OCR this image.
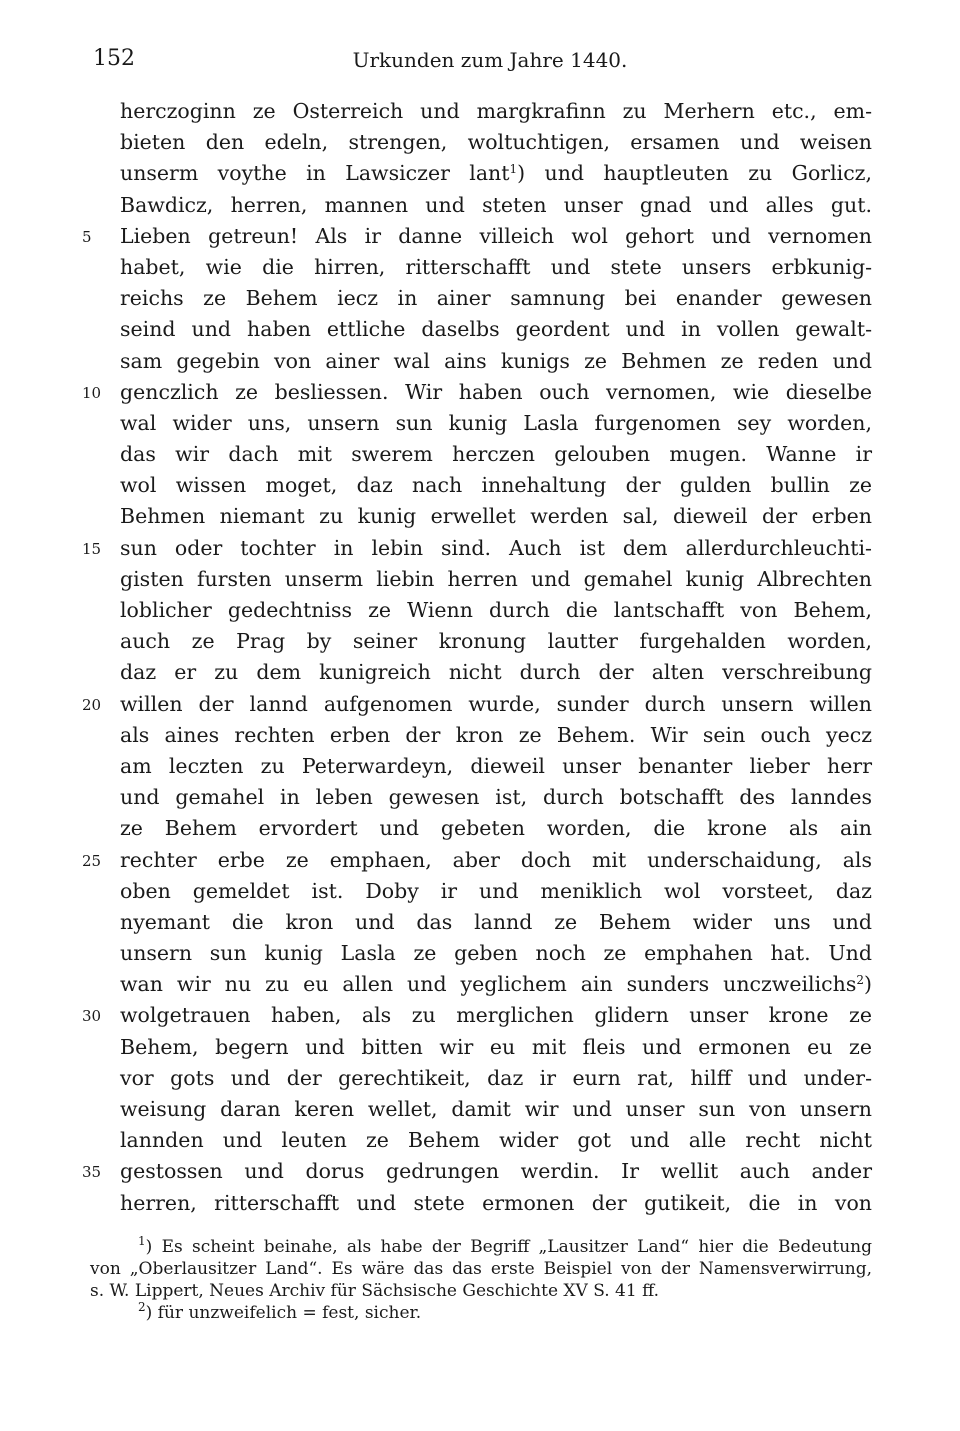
152	Urkunden zum Jahre 1440.
herczoginn ze Osterreich und margkrafinn zu Merhern etc., em-
bieten den edeln, strengen, woltuchtigen, ersamen und weisen
unserm voythe in Lawsiczer lant$^1$) und hauptleuten zu Gorlicz,
Bawdicz, herren, mannen und steten unser gnad und alles gut.
5	Lieben getreun! Als ir danne villeich wol gehort und vernomen
habet, wie die hirren, ritterschafft und stete unsers erbkunig-
reichs ze Behem iecz in ainer samnung bei enander gewesen
seind und haben ettliche daselbs geordent und in vollen gewalt-
sam gegebin von ainer wal ains kunigs ze Behmen ze reden und
10 genczlich ze besliessen. Wir haben ouch vernomen, wie dieselbe
wal wider uns, unsern sun kunig Lasla furgenomen sey worden,
das wir dach mit swerem herczen gelouben mugen. Wanne ir
wol wissen moget, daz nach innehaltung der gulden bullin ze
Behmen niemant zu kunig erwellet werden sal, dieweil der erben
15 sun oder tochter in lebin sind. Auch ist dem allerdurchleuchti-
gisten fursten unserm liebin herren und gemahel kunig Albrechten
loblicher gedechtniss ze Wienn durch die lantschafft von Behem,
auch ze Prag by seiner kronung lautter furgehalden worden,
daz er zu dem kunigreich nicht durch der alten verschreibung
20 willen der lannd aufgenomen wurde, sunder durch unsern willen
als aines rechten erben der kron ze Behem. Wir sein ouch yecz
am leczten zu Peterwardeyn, dieweil unser benanter lieber herr
und gemahel in leben gewesen ist, durch botschafft des lanndes
ze Behem ervordert und gebeten worden, die krone als ain
25 rechter erbe ze emphaen, aber doch mit underschaidung, als
oben gemeldet ist. Doby ir und meniklich wol vorsteet, daz
nyemant die kron und das lannd ze Behem wider uns und
unsern sun kunig Lasla ze geben noch ze emphahen hat. Und
wan wir nu zu eu allen und yeglichem ain sunders unczweilichs$^2$)
30 wolgetrauen haben, als zu merglichen glidern unser krone ze
Behem, begern und bitten wir eu mit fleis und ermonen eu ze
vor gots und der gerechtikeit, daz ir eurn rat, hilff und under-
weisung daran keren wellet, damit wir und unser sun von unsern
lannden und leuten ze Behem wider got und alle recht nicht
35 gestossen und dorus gedrungen werdin. Ir wellit auch ander
herren, ritterschafft und stete ermonen der gutikeit, die in von
$^1$) Es scheint beinahe, als habe der Begriff „Lausitzer Land“ hier die Bedeutung
von „Oberlausitzer Land“. Es wäre das das erste Beispiel von der Namensverwirrung,
s. W. Lippert, Neues Archiv für Sächsische Geschichte XV S. 41 ff.
$^2$) für unzweifelich = fest, sicher.
